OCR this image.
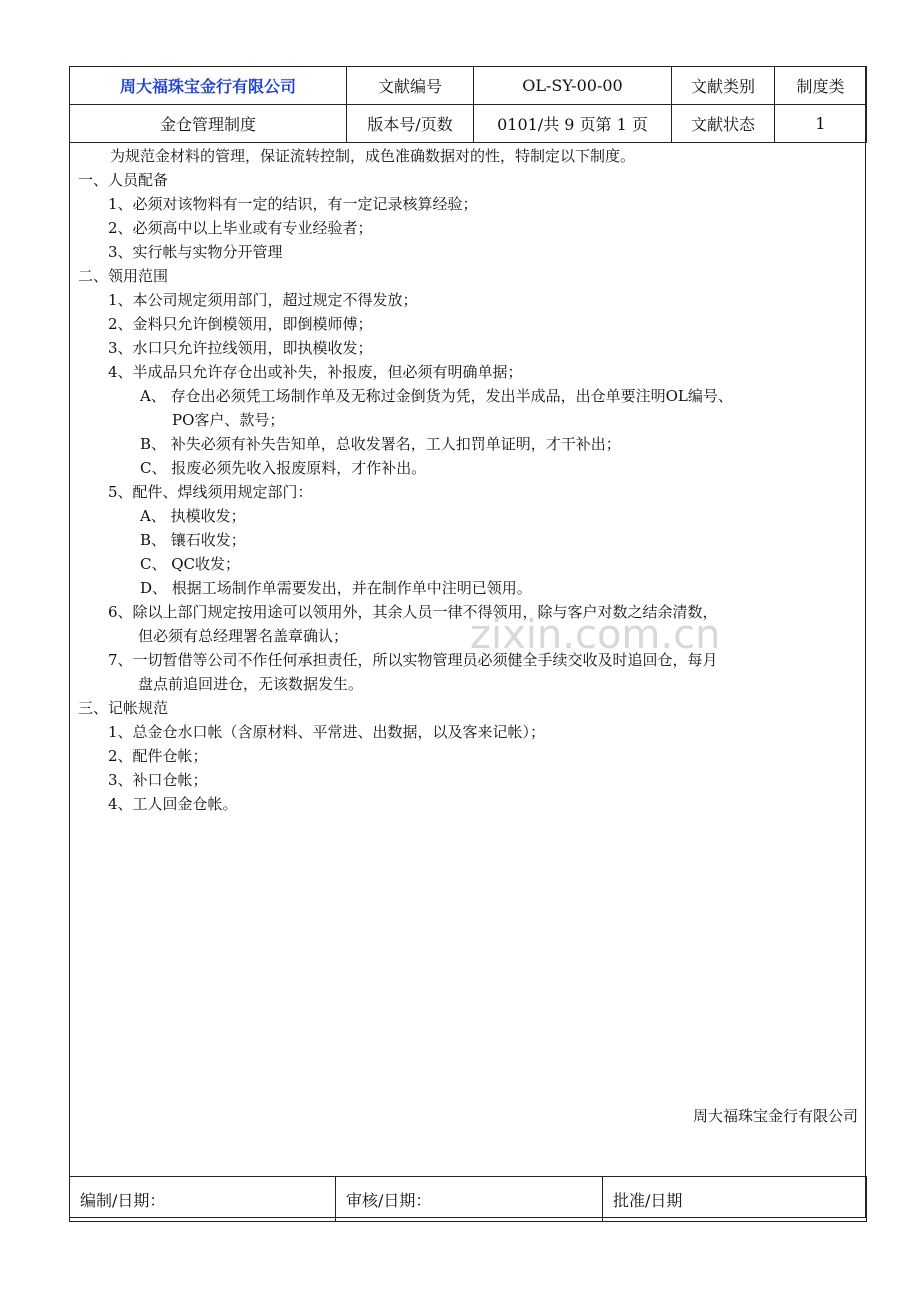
周大福珠宝金行有限公司	文献编号	OL-SY-00-00	文献类别	制度类
金仓管理制度	版本号/页数	0101/共 9 页第 1 页	文献状态	1
zixin.com.cn
为规范金材料的管理，保证流转控制，成色准确数据对的性，特制定以下制度。
一、人员配备
1、必须对该物料有一定的结识，有一定记录核算经验；
2、必须高中以上毕业或有专业经验者；
3、实行帐与实物分开管理
二、领用范围
1、本公司规定须用部门，超过规定不得发放；
2、金料只允许倒模领用，即倒模师傅；
3、水口只允许拉线领用，即执模收发；
4、半成品只允许存仓出或补失，补报废，但必须有明确单据；
A、 存仓出必须凭工场制作单及无称过金倒货为凭，发出半成品，出仓单要注明OL编号、
PO客户、款号；
B、 补失必须有补失告知单，总收发署名，工人扣罚单证明，才干补出；
C、 报废必须先收入报废原料，才作补出。
5、配件、焊线须用规定部门：
A、 执模收发；
B、 镶石收发；
C、 QC收发；
D、 根据工场制作单需要发出，并在制作单中注明已领用。
6、除以上部门规定按用途可以领用外，其余人员一律不得领用，除与客户对数之结余清数，
但必须有总经理署名盖章确认；
7、一切暂借等公司不作任何承担责任，所以实物管理员必须健全手续交收及时追回仓，每月
盘点前追回进仓，无该数据发生。
三、记帐规范
1、总金仓水口帐（含原材料、平常进、出数据，以及客来记帐）；
2、配件仓帐；
3、补口仓帐；
4、工人回金仓帐。
周大福珠宝金行有限公司
编制/日期：	审核/日期：	批准/日期
